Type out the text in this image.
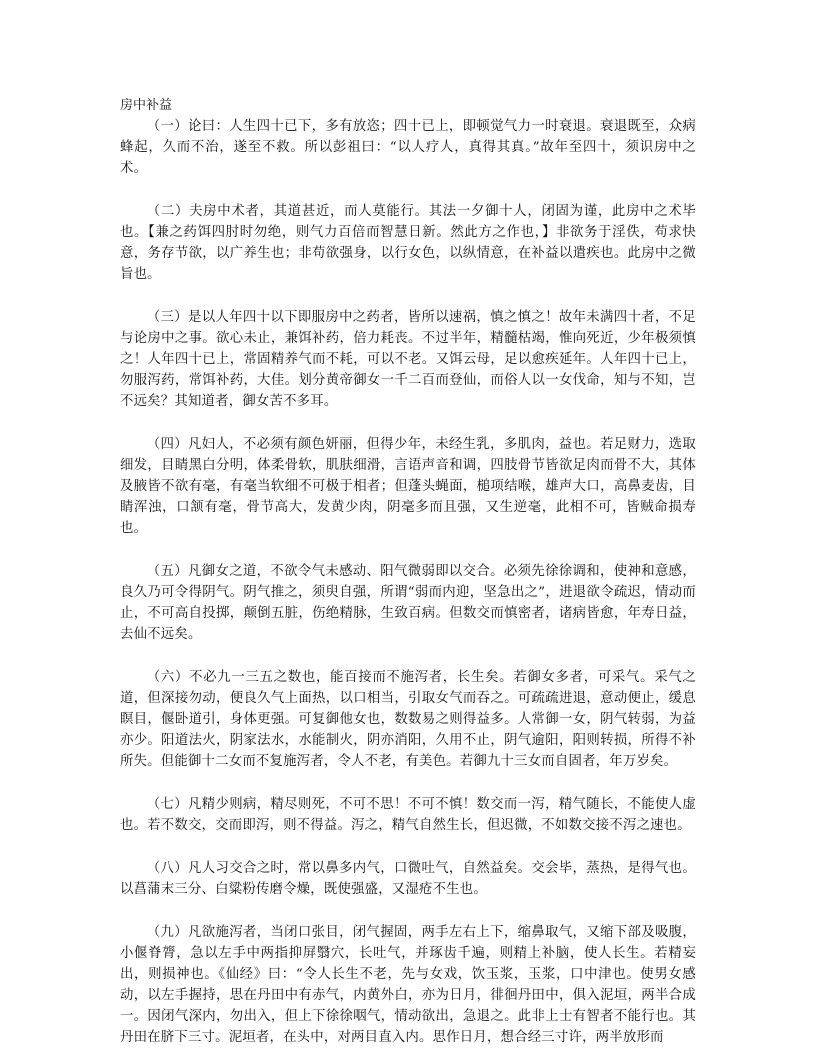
房中补益

（一）论曰：人生四十已下，多有放恣；四十已上，即顿觉气力一时衰退。衰退既至，众病蜂起，久而不治，遂至不救。所以彭祖曰：“以人疗人，真得其真。”故年至四十，须识房中之术。

（二）夫房中术者，其道甚近，而人莫能行。其法一夕御十人，闭固为谨，此房中之术毕也。【兼之药饵四肘时勿绝，则气力百倍而智慧日新。然此方之作也，】非欲务于淫佚，苟求快意，务存节欲，以广养生也；非苟欲强身，以行女色，以纵情意，在补益以遣疾也。此房中之微旨也。

（三）是以人年四十以下即服房中之药者，皆所以速祸，慎之慎之！故年未满四十者，不足与论房中之事。欲心未止，兼饵补药，倍力耗丧。不过半年，精髓枯竭，惟向死近，少年极须慎之！人年四十已上，常固精养气而不耗，可以不老。又饵云母，足以愈疾延年。人年四十已上，勿服泻药，常饵补药，大佳。划分黄帝御女一千二百而登仙，而俗人以一女伐命，知与不知，岂不远矣？其知道者，御女苦不多耳。

（四）凡妇人，不必须有颜色妍丽，但得少年，未经生乳，多肌肉，益也。若足财力，选取细发，目睛黑白分明，体柔骨软，肌肤细滑，言语声音和调，四肢骨节皆欲足肉而骨不大，其体及腋皆不欲有毫，有毫当软细不可极于相者；但蓬头蝇面，槌项结喉，雄声大口，高鼻麦齿，目睛浑浊，口颔有毫，骨节高大，发黄少肉，阴毫多而且强，又生逆毫，此相不可，皆贼命损寿也。

（五）凡御女之道，不欲令气未感动、阳气微弱即以交合。必须先徐徐调和，使神和意感，良久乃可令得阴气。阴气推之，须臾自强，所谓“弱而内迎，坚急出之”，进退欲令疏迟，情动而止，不可高自投掷，颠倒五脏，伤绝精脉，生致百病。但数交而慎密者，诸病皆愈，年寿日益，去仙不远矣。

（六）不必九一三五之数也，能百接而不施泻者，长生矣。若御女多者，可采气。采气之道，但深接勿动，便良久气上面热，以口相当，引取女气而吞之。可疏疏进退，意动便止，缓息瞑目，偃卧道引，身体更强。可复御他女也，数数易之则得益多。人常御一女，阴气转弱，为益亦少。阳道法火，阴家法水，水能制火，阴亦消阳，久用不止，阴气逾阳，阳则转损，所得不补所失。但能御十二女而不复施泻者，令人不老，有美色。若御九十三女而自固者，年万岁矣。

（七）凡精少则病，精尽则死，不可不思！不可不慎！数交而一泻，精气随长，不能使人虚也。若不数交，交而即泻，则不得益。泻之，精气自然生长，但迟微，不如数交接不泻之速也。

（八）凡人习交合之时，常以鼻多内气，口微吐气，自然益矣。交会毕，蒸热，是得气也。以菖蒲末三分、白粱粉传磨令燥，既使强盛，又湿疮不生也。

（九）凡欲施泻者，当闭口张目，闭气握固，两手左右上下，缩鼻取气，又缩下部及吸腹，小偃脊膂，急以左手中两指抑屏翳穴，长吐气，并琢齿千遍，则精上补脑，使人长生。若精妄出，则损神也。《仙经》曰：“令人长生不老，先与女戏，饮玉浆，玉浆，口中津也。使男女感动，以左手握持，思在丹田中有赤气，内黄外白，亦为日月，徘徊丹田中，俱入泥垣，两半合成一。因闭气深内，勿出入，但上下徐徐咽气，情动欲出，急退之。此非上士有智者不能行也。其丹田在脐下三寸。泥垣者，在头中，对两目直入内。思作日月，想合经三寸许，两半放形而
